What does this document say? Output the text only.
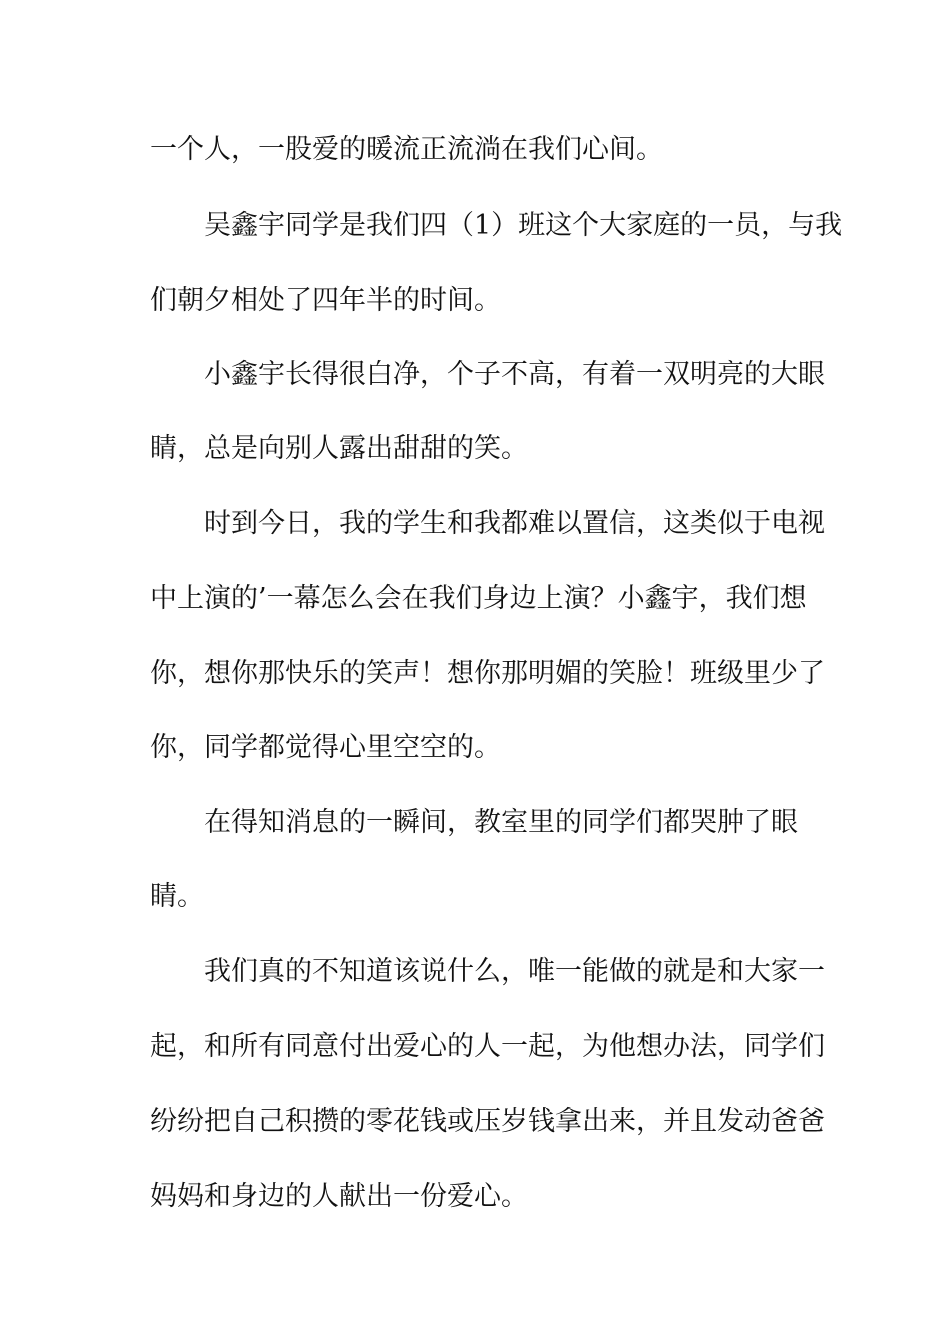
一个人，一股爱的暖流正流淌在我们心间。

吴鑫宇同学是我们四（1）班这个大家庭的一员，与我

们朝夕相处了四年半的时间。

小鑫宇长得很白净，个子不高，有着一双明亮的大眼

睛，总是向别人露出甜甜的笑。

时到今日，我的学生和我都难以置信，这类似于电视

中上演的’一幕怎么会在我们身边上演？小鑫宇，我们想

你，想你那快乐的笑声！想你那明媚的笑脸！班级里少了

你，同学都觉得心里空空的。

在得知消息的一瞬间，教室里的同学们都哭肿了眼

睛。

我们真的不知道该说什么，唯一能做的就是和大家一

起，和所有同意付出爱心的人一起，为他想办法，同学们

纷纷把自己积攒的零花钱或压岁钱拿出来，并且发动爸爸

妈妈和身边的人献出一份爱心。
